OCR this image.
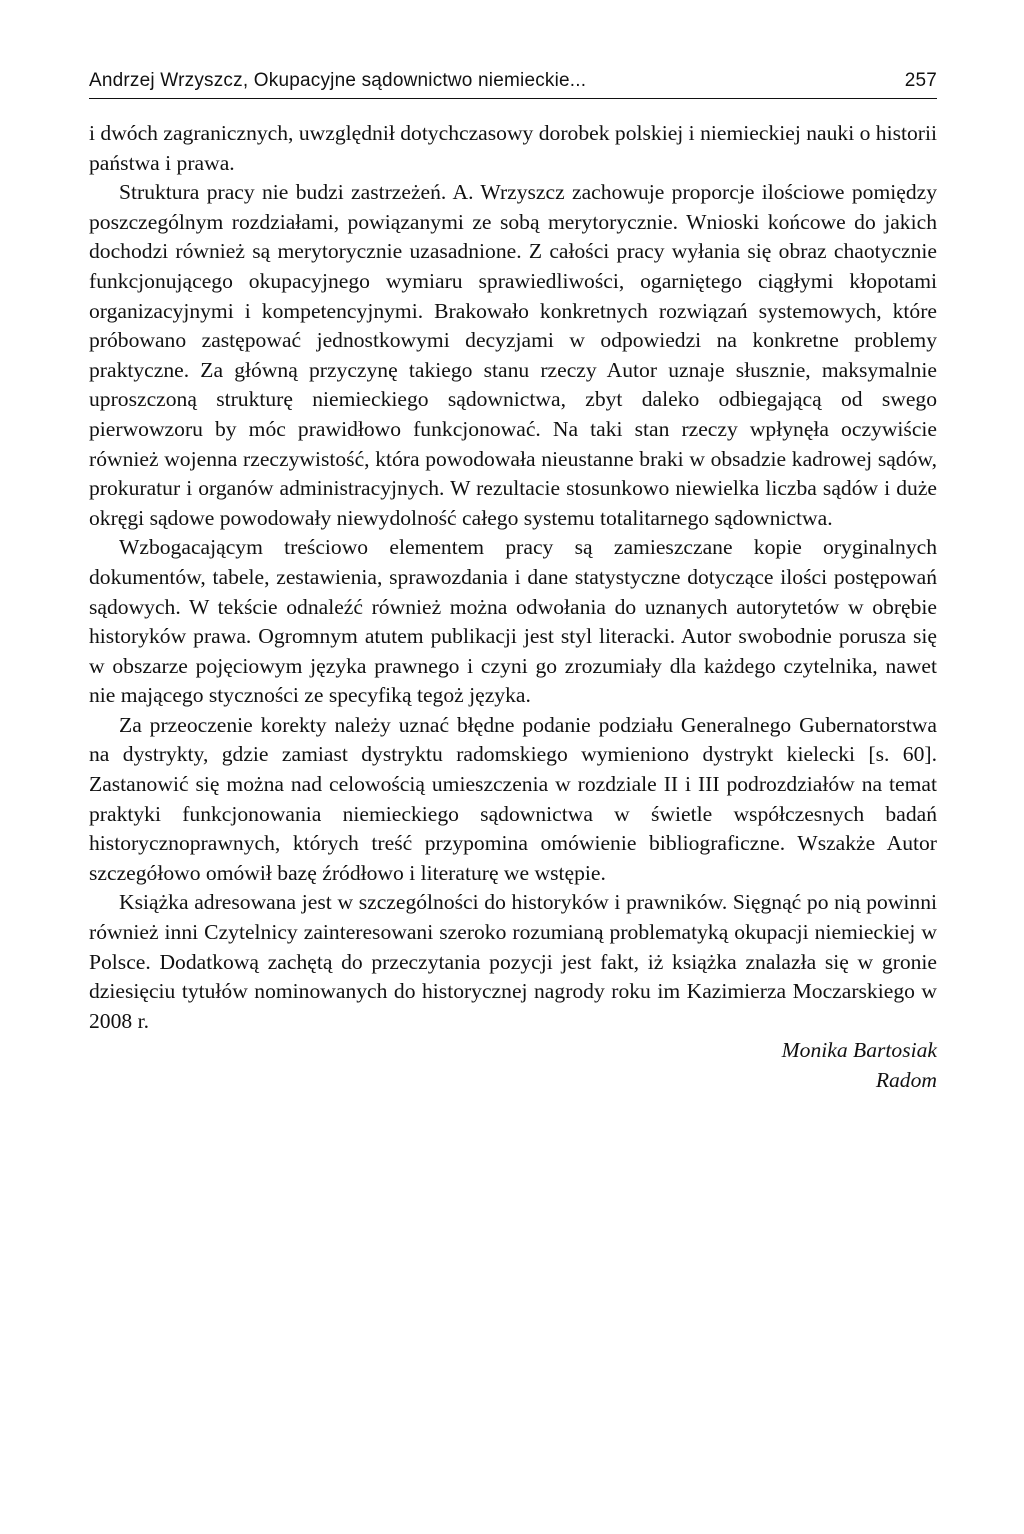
Andrzej Wrzyszcz, Okupacyjne sądownictwo niemieckie...	257

i dwóch zagranicznych, uwzględnił dotychczasowy dorobek polskiej i niemieckiej nauki o historii państwa i prawa.

Struktura pracy nie budzi zastrzeżeń. A. Wrzyszcz zachowuje proporcje ilościowe pomiędzy poszczególnym rozdziałami, powiązanymi ze sobą merytorycznie. Wnioski końcowe do jakich dochodzi również są merytorycznie uzasadnione. Z całości pracy wyłania się obraz chaotycznie funkcjonującego okupacyjnego wymiaru sprawiedliwości, ogarniętego ciągłymi kłopotami organizacyjnymi i kompetencyjnymi. Brakowało konkretnych rozwiązań systemowych, które próbowano zastępować jednostkowymi decyzjami w odpowiedzi na konkretne problemy praktyczne. Za główną przyczynę takiego stanu rzeczy Autor uznaje słusznie, maksymalnie uproszczoną strukturę niemieckiego sądownictwa, zbyt daleko odbiegającą od swego pierwowzoru by móc prawidłowo funkcjonować. Na taki stan rzeczy wpłynęła oczywiście również wojenna rzeczywistość, która powodowała nieustanne braki w obsadzie kadrowej sądów, prokuratur i organów administracyjnych. W rezultacie stosunkowo niewielka liczba sądów i duże okręgi sądowe powodowały niewydolność całego systemu totalitarnego sądownictwa.

Wzbogacającym treściowo elementem pracy są zamieszczane kopie oryginalnych dokumentów, tabele, zestawienia, sprawozdania i dane statystyczne dotyczące ilości postępowań sądowych. W tekście odnaleźć również można odwołania do uznanych autorytetów w obrębie historyków prawa. Ogromnym atutem publikacji jest styl literacki. Autor swobodnie porusza się w obszarze pojęciowym języka prawnego i czyni go zrozumiały dla każdego czytelnika, nawet nie mającego styczności ze specyfiką tegoż języka.

Za przeoczenie korekty należy uznać błędne podanie podziału Generalnego Gubernatorstwa na dystrykty, gdzie zamiast dystryktu radomskiego wymieniono dystrykt kielecki [s. 60]. Zastanowić się można nad celowością umieszczenia w rozdziale II i III podrozdziałów na temat praktyki funkcjonowania niemieckiego sądownictwa w świetle współczesnych badań historycznoprawnych, których treść przypomina omówienie bibliograficzne. Wszakże Autor szczegółowo omówił bazę źródłowo i literaturę we wstępie.

Książka adresowana jest w szczególności do historyków i prawników. Sięgnąć po nią powinni również inni Czytelnicy zainteresowani szeroko rozumianą problematyką okupacji niemieckiej w Polsce. Dodatkową zachętą do przeczytania pozycji jest fakt, iż książka znalazła się w gronie dziesięciu tytułów nominowanych do historycznej nagrody roku im Kazimierza Moczarskiego w 2008 r.

Monika Bartosiak
Radom
